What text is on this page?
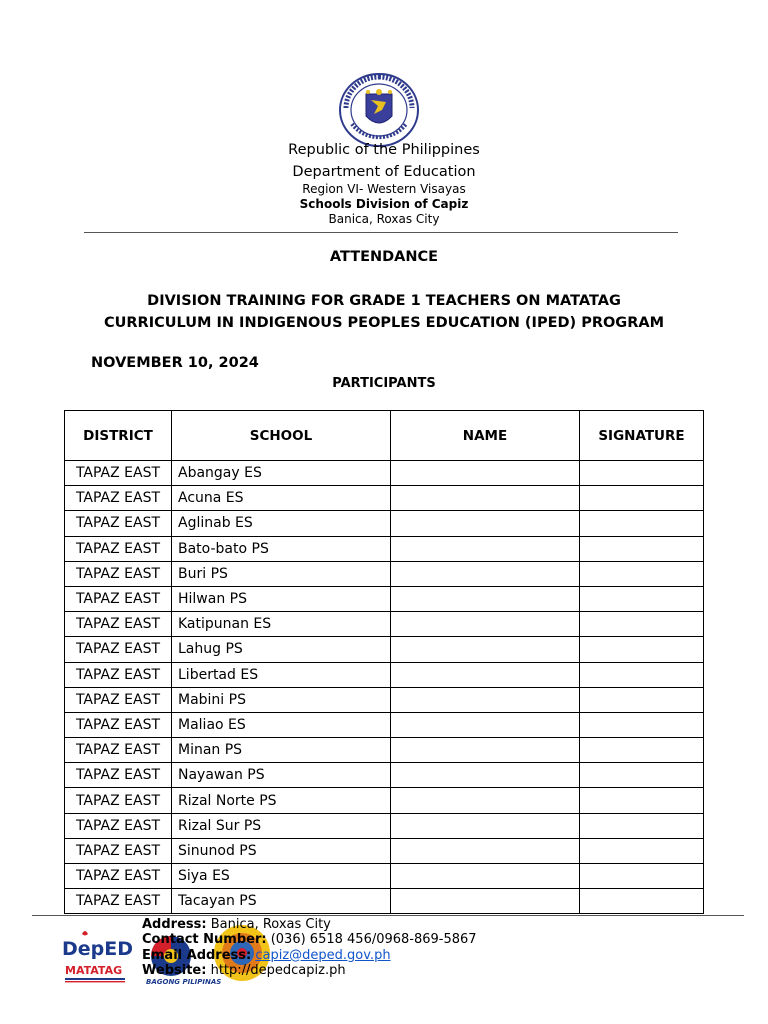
Republic of the Philippines
Department of Education
Region VI- Western Visayas
Schools Division of Capiz
Banica, Roxas City
ATTENDANCE
DIVISION TRAINING FOR GRADE 1 TEACHERS ON MATATAG
CURRICULUM IN INDIGENOUS PEOPLES EDUCATION (IPED) PROGRAM
NOVEMBER 10, 2024
PARTICIPANTS
DISTRICT	SCHOOL	NAME	SIGNATURE
TAPAZ EAST	Abangay ES		
TAPAZ EAST	Acuna ES		
TAPAZ EAST	Aglinab ES		
TAPAZ EAST	Bato-bato PS		
TAPAZ EAST	Buri PS		
TAPAZ EAST	Hilwan PS		
TAPAZ EAST	Katipunan ES		
TAPAZ EAST	Lahug PS		
TAPAZ EAST	Libertad ES		
TAPAZ EAST	Mabini PS		
TAPAZ EAST	Maliao ES		
TAPAZ EAST	Minan PS		
TAPAZ EAST	Nayawan PS		
TAPAZ EAST	Rizal Norte PS		
TAPAZ EAST	Rizal Sur PS		
TAPAZ EAST	Sinunod PS		
TAPAZ EAST	Siya ES		
TAPAZ EAST	Tacayan PS		
DepED
MATATAG
BAGONG PILIPINAS
Address: Banica, Roxas City
Contact Number: (036) 6518 456/0968-869-5867
Email Address: capiz@deped.gov.ph
Website: http://depedcapiz.ph
